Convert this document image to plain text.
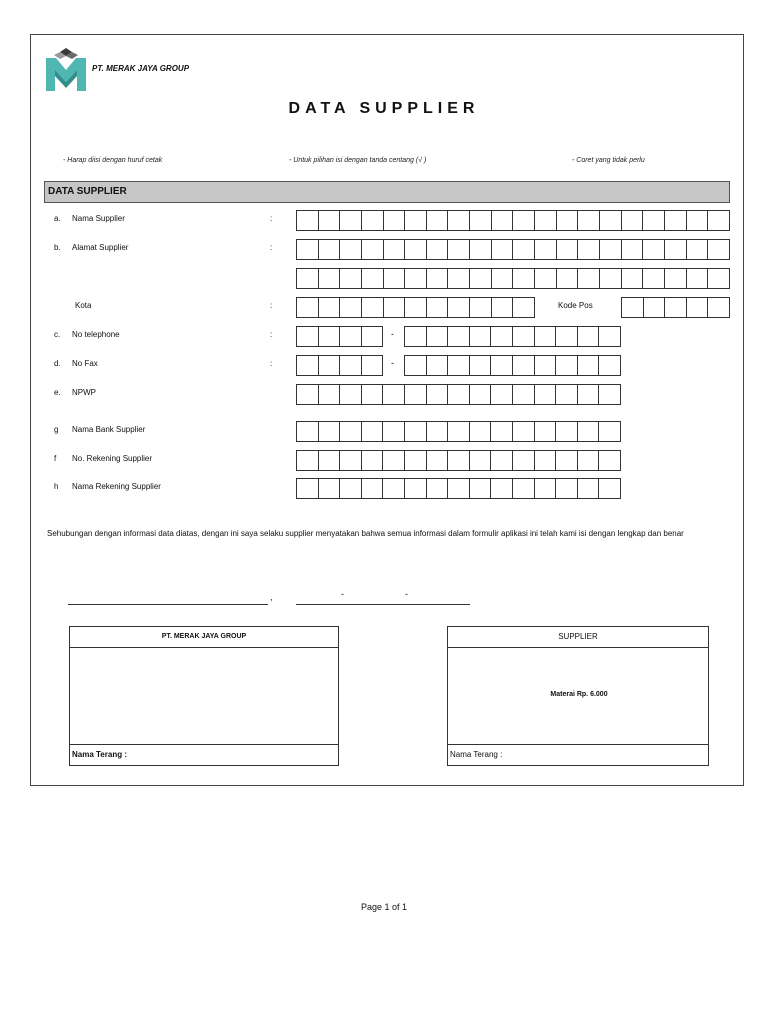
PT. MERAK JAYA GROUP
DATA SUPPLIER
- Harap diisi dengan huruf cetak	- Untuk pilihan isi dengan tanda centang (√ )	- Coret yang tidak perlu
DATA SUPPLIER
a. Nama Supplier	:
b. Alamat Supplier	:
Kota	:	Kode Pos
c. No telephone	:	-
d. No Fax	:	-
e. NPWP
g Nama Bank Supplier
f No. Rekening Supplier
h Nama Rekening Supplier
Sehubungan dengan informasi data diatas, dengan ini saya selaku supplier menyatakan bahwa semua informasi dalam formulir aplikasi ini telah kami isi dengan lengkap dan benar
,	-	-
PT. MERAK JAYA GROUP
Nama Terang :
SUPPLIER
Materai Rp. 6.000
Nama Terang :
Page 1 of 1
